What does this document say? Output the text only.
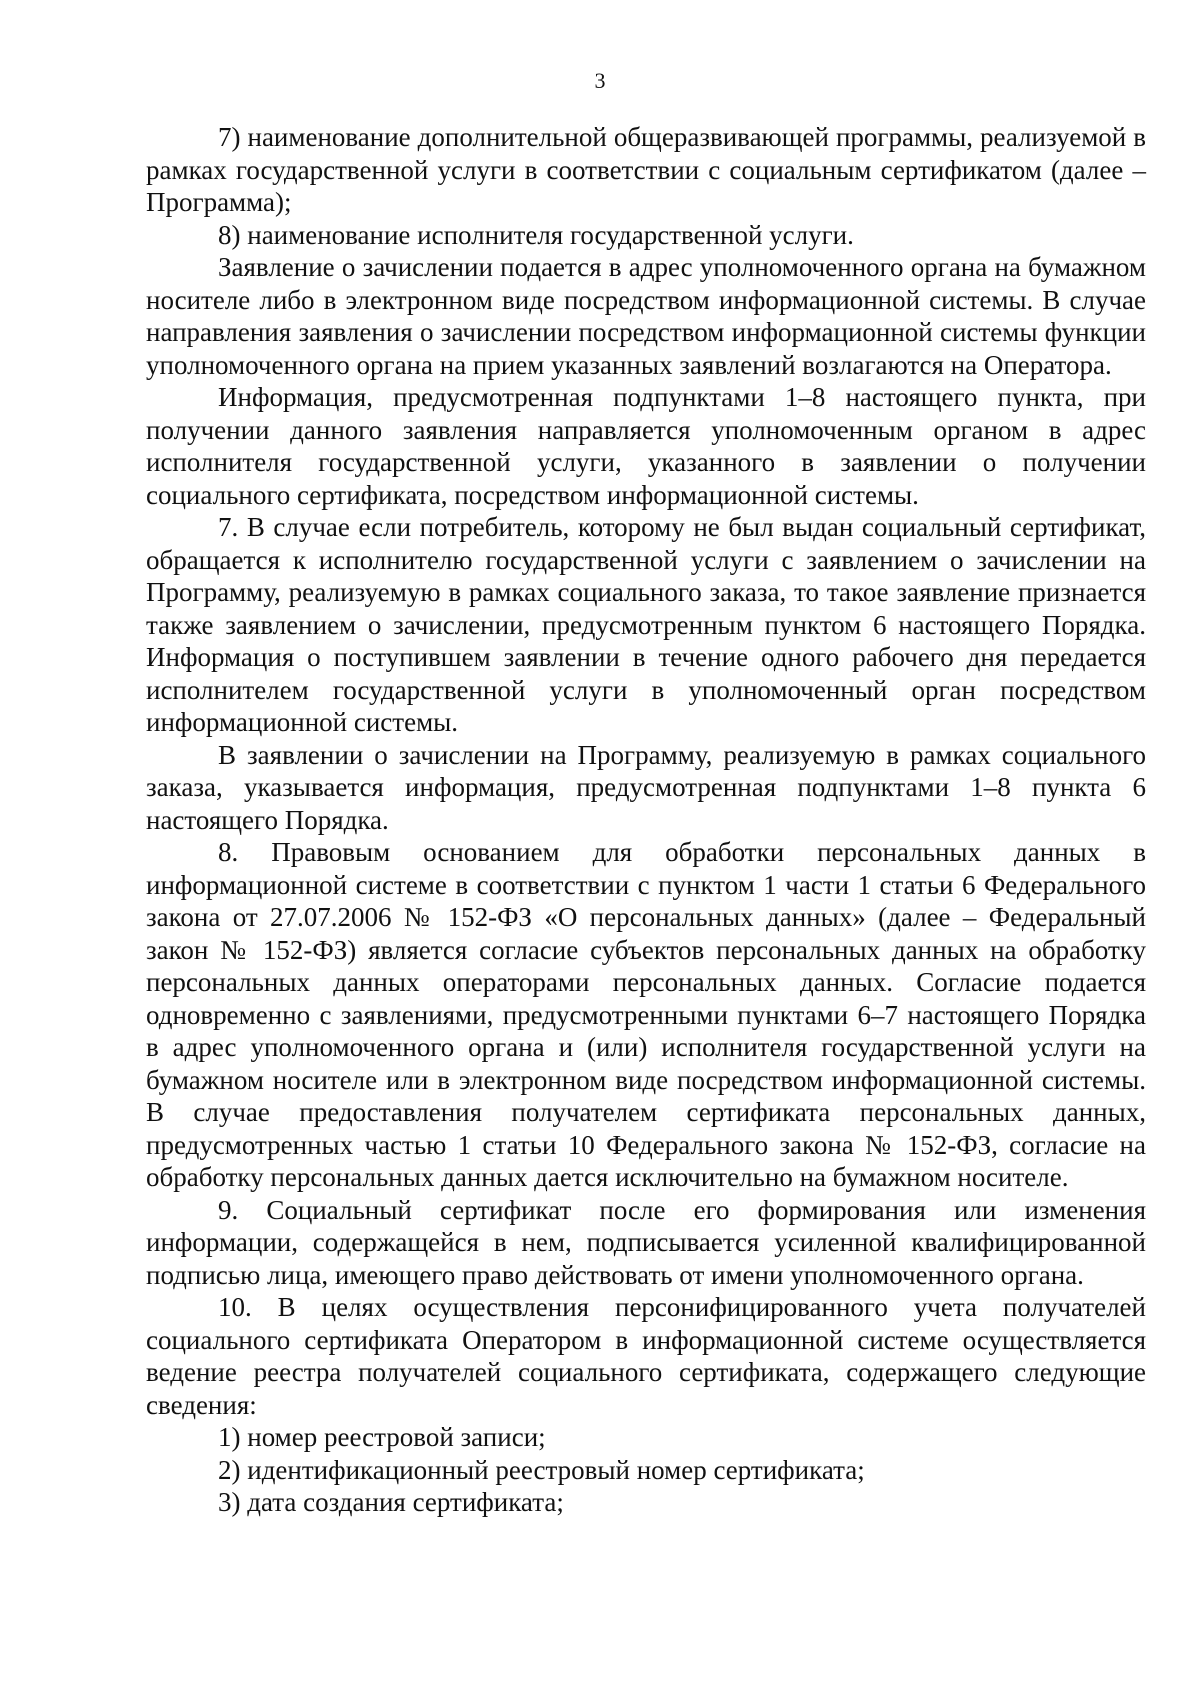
3

7) наименование дополнительной общеразвивающей программы, реализуемой в рамках государственной услуги в соответствии с социальным сертификатом (далее – Программа);

8) наименование исполнителя государственной услуги.

Заявление о зачислении подается в адрес уполномоченного органа на бумажном носителе либо в электронном виде посредством информационной системы. В случае направления заявления о зачислении посредством информационной системы функции уполномоченного органа на прием указанных заявлений возлагаются на Оператора.

Информация, предусмотренная подпунктами 1–8 настоящего пункта, при получении данного заявления направляется уполномоченным органом в адрес исполнителя государственной услуги, указанного в заявлении о получении социального сертификата, посредством информационной системы.

7. В случае если потребитель, которому не был выдан социальный сертификат, обращается к исполнителю государственной услуги с заявлением о зачислении на Программу, реализуемую в рамках социального заказа, то такое заявление признается также заявлением о зачислении, предусмотренным пунктом 6 настоящего Порядка. Информация о поступившем заявлении в течение одного рабочего дня передается исполнителем государственной услуги в уполномоченный орган посредством информационной системы.

В заявлении о зачислении на Программу, реализуемую в рамках социального заказа, указывается информация, предусмотренная подпунктами 1–8 пункта 6 настоящего Порядка.

8. Правовым основанием для обработки персональных данных в информационной системе в соответствии с пунктом 1 части 1 статьи 6 Федерального закона от 27.07.2006 № 152-ФЗ «О персональных данных» (далее – Федеральный закон № 152-ФЗ) является согласие субъектов персональных данных на обработку персональных данных операторами персональных данных. Согласие подается одновременно с заявлениями, предусмотренными пунктами 6–7 настоящего Порядка в адрес уполномоченного органа и (или) исполнителя государственной услуги на бумажном носителе или в электронном виде посредством информационной системы. В случае предоставления получателем сертификата персональных данных, предусмотренных частью 1 статьи 10 Федерального закона № 152-ФЗ, согласие на обработку персональных данных дается исключительно на бумажном носителе.

9. Социальный сертификат после его формирования или изменения информации, содержащейся в нем, подписывается усиленной квалифицированной подписью лица, имеющего право действовать от имени уполномоченного органа.

10. В целях осуществления персонифицированного учета получателей социального сертификата Оператором в информационной системе осуществляется ведение реестра получателей социального сертификата, содержащего следующие сведения:

1) номер реестровой записи;

2) идентификационный реестровый номер сертификата;

3) дата создания сертификата;
